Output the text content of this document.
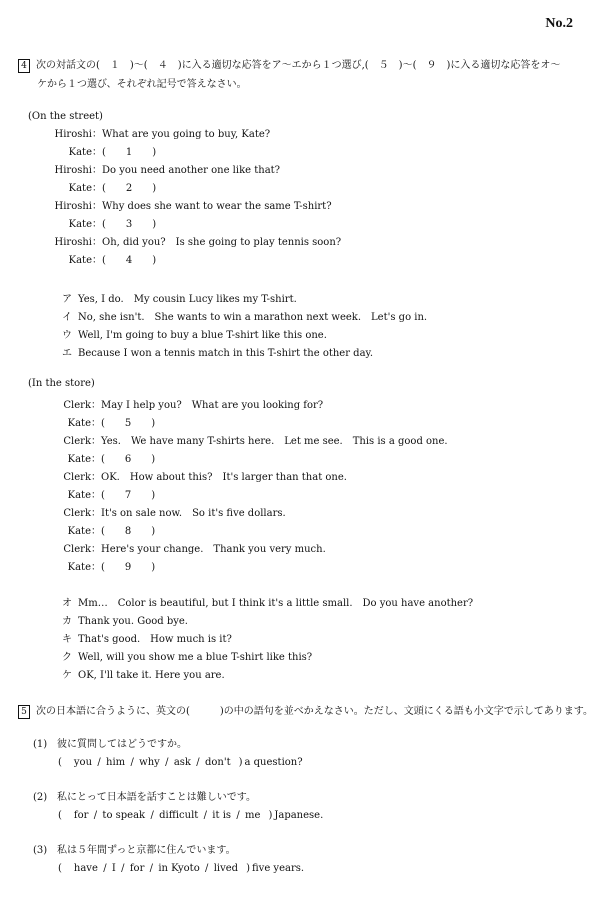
No.2
4 次の対話文の(　１　)～(　４　)に入る適切な応答をア～エから１つ選び,(　５　)～(　９　)に入る適切な応答をオ～
ケから１つ選び、それぞれ記号で答えなさい。
(On the street)
Hiroshi：What are you going to buy, Kate?
Kate：(　　1　　)
Hiroshi：Do you need another one like that?
Kate：(　　2　　)
Hiroshi：Why does she want to wear the same T-shirt?
Kate：(　　3　　)
Hiroshi：Oh, did you?　Is she going to play tennis soon?
Kate：(　　4　　)
ア Yes, I do.　My cousin Lucy likes my T-shirt.
イ No, she isn't.　She wants to win a marathon next week.　Let's go in.
ウ Well, I'm going to buy a blue T-shirt like this one.
エ Because I won a tennis match in this T-shirt the other day.
(In the store)
Clerk：May I help you?　What are you looking for?
Kate：(　　5　　)
Clerk：Yes.　We have many T-shirts here.　Let me see.　This is a good one.
Kate：(　　6　　)
Clerk：OK.　How about this?　It's larger than that one.
Kate：(　　7　　)
Clerk：It's on sale now.　So it's five dollars.
Kate：(　　8　　)
Clerk：Here's your change.　Thank you very much.
Kate：(　　9　　)
オ Mm…　Color is beautiful, but I think it's a little small.　Do you have another?
カ Thank you. Good bye.
キ That's good.　How much is it?
ク Well, will you show me a blue T-shirt like this?
ケ OK, I'll take it. Here you are.
5 次の日本語に合うように、英文の(　　　)の中の語句を並べかえなさい。ただし、文頭にくる語も小文字で示してあります。
(1) 彼に質問してはどうですか。
( you / him / why / ask / don't ) a question?
(2) 私にとって日本語を話すことは難しいです。
( for / to speak / difficult / it is / me ) Japanese.
(3) 私は５年間ずっと京都に住んでいます。
( have / I / for / in Kyoto / lived ) five years.
